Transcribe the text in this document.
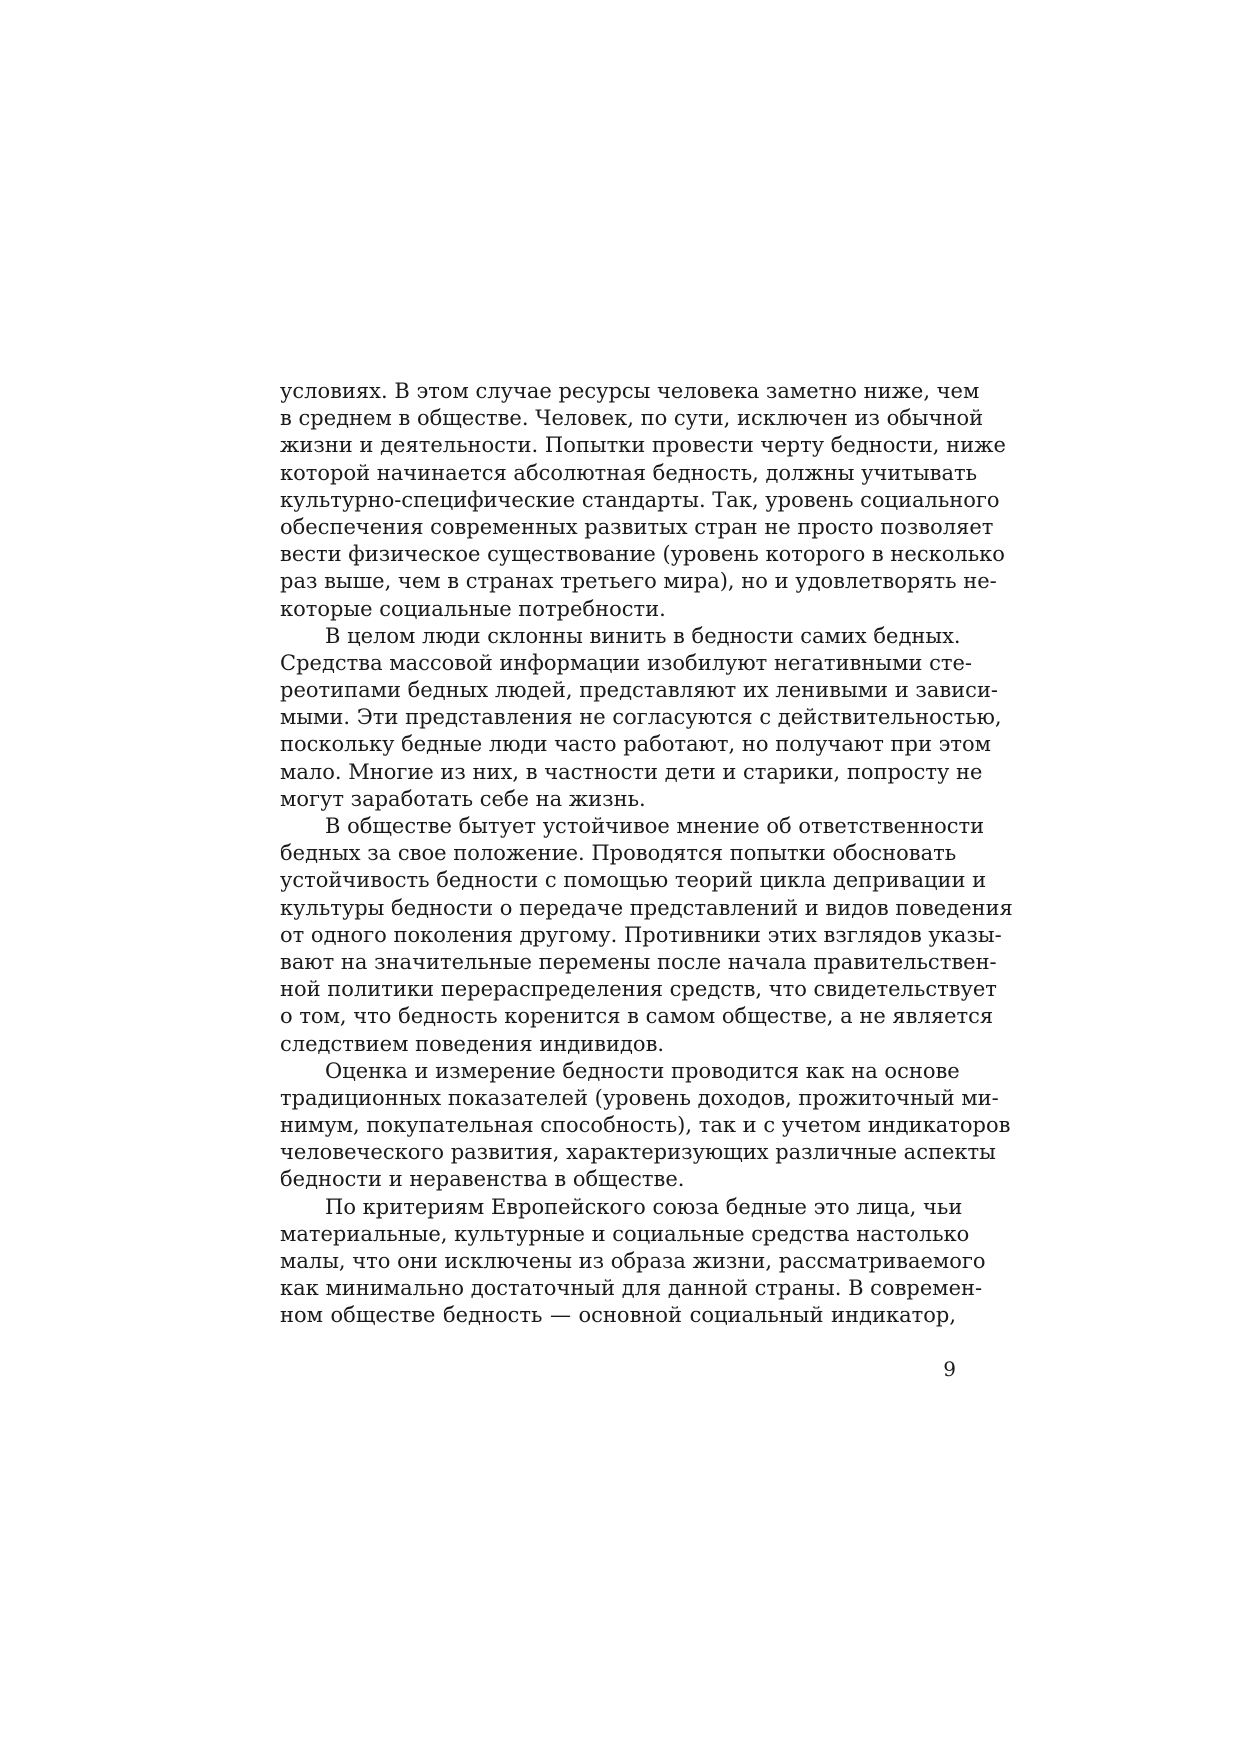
условиях. В этом случае ресурсы человека заметно ниже, чем
в среднем в обществе. Человек, по сути, исключен из обычной
жизни и деятельности. Попытки провести черту бедности, ниже
которой начинается абсолютная бедность, должны учитывать
культурно-специфические стандарты. Так, уровень социального
обеспечения современных развитых стран не просто позволяет
вести физическое существование (уровень которого в несколько
раз выше, чем в странах третьего мира), но и удовлетворять не-
которые социальные потребности.
В целом люди склонны винить в бедности самих бедных.
Средства массовой информации изобилуют негативными сте-
реотипами бедных людей, представляют их ленивыми и зависи-
мыми. Эти представления не согласуются с действительностью,
поскольку бедные люди часто работают, но получают при этом
мало. Многие из них, в частности дети и старики, попросту не
могут заработать себе на жизнь.
В обществе бытует устойчивое мнение об ответственности
бедных за свое положение. Проводятся попытки обосновать
устойчивость бедности с помощью теорий цикла депривации и
культуры бедности о передаче представлений и видов поведения
от одного поколения другому. Противники этих взглядов указы-
вают на значительные перемены после начала правительствен-
ной политики перераспределения средств, что свидетельствует
о том, что бедность коренится в самом обществе, а не является
следствием поведения индивидов.
Оценка и измерение бедности проводится как на основе
традиционных показателей (уровень доходов, прожиточный ми-
нимум, покупательная способность), так и с учетом индикаторов
человеческого развития, характеризующих различные аспекты
бедности и неравенства в обществе.
По критериям Европейского союза бедные это лица, чьи
материальные, культурные и социальные средства настолько
малы, что они исключены из образа жизни, рассматриваемого
как минимально достаточный для данной страны. В современ-
ном обществе бедность — основной социальный индикатор,
9
